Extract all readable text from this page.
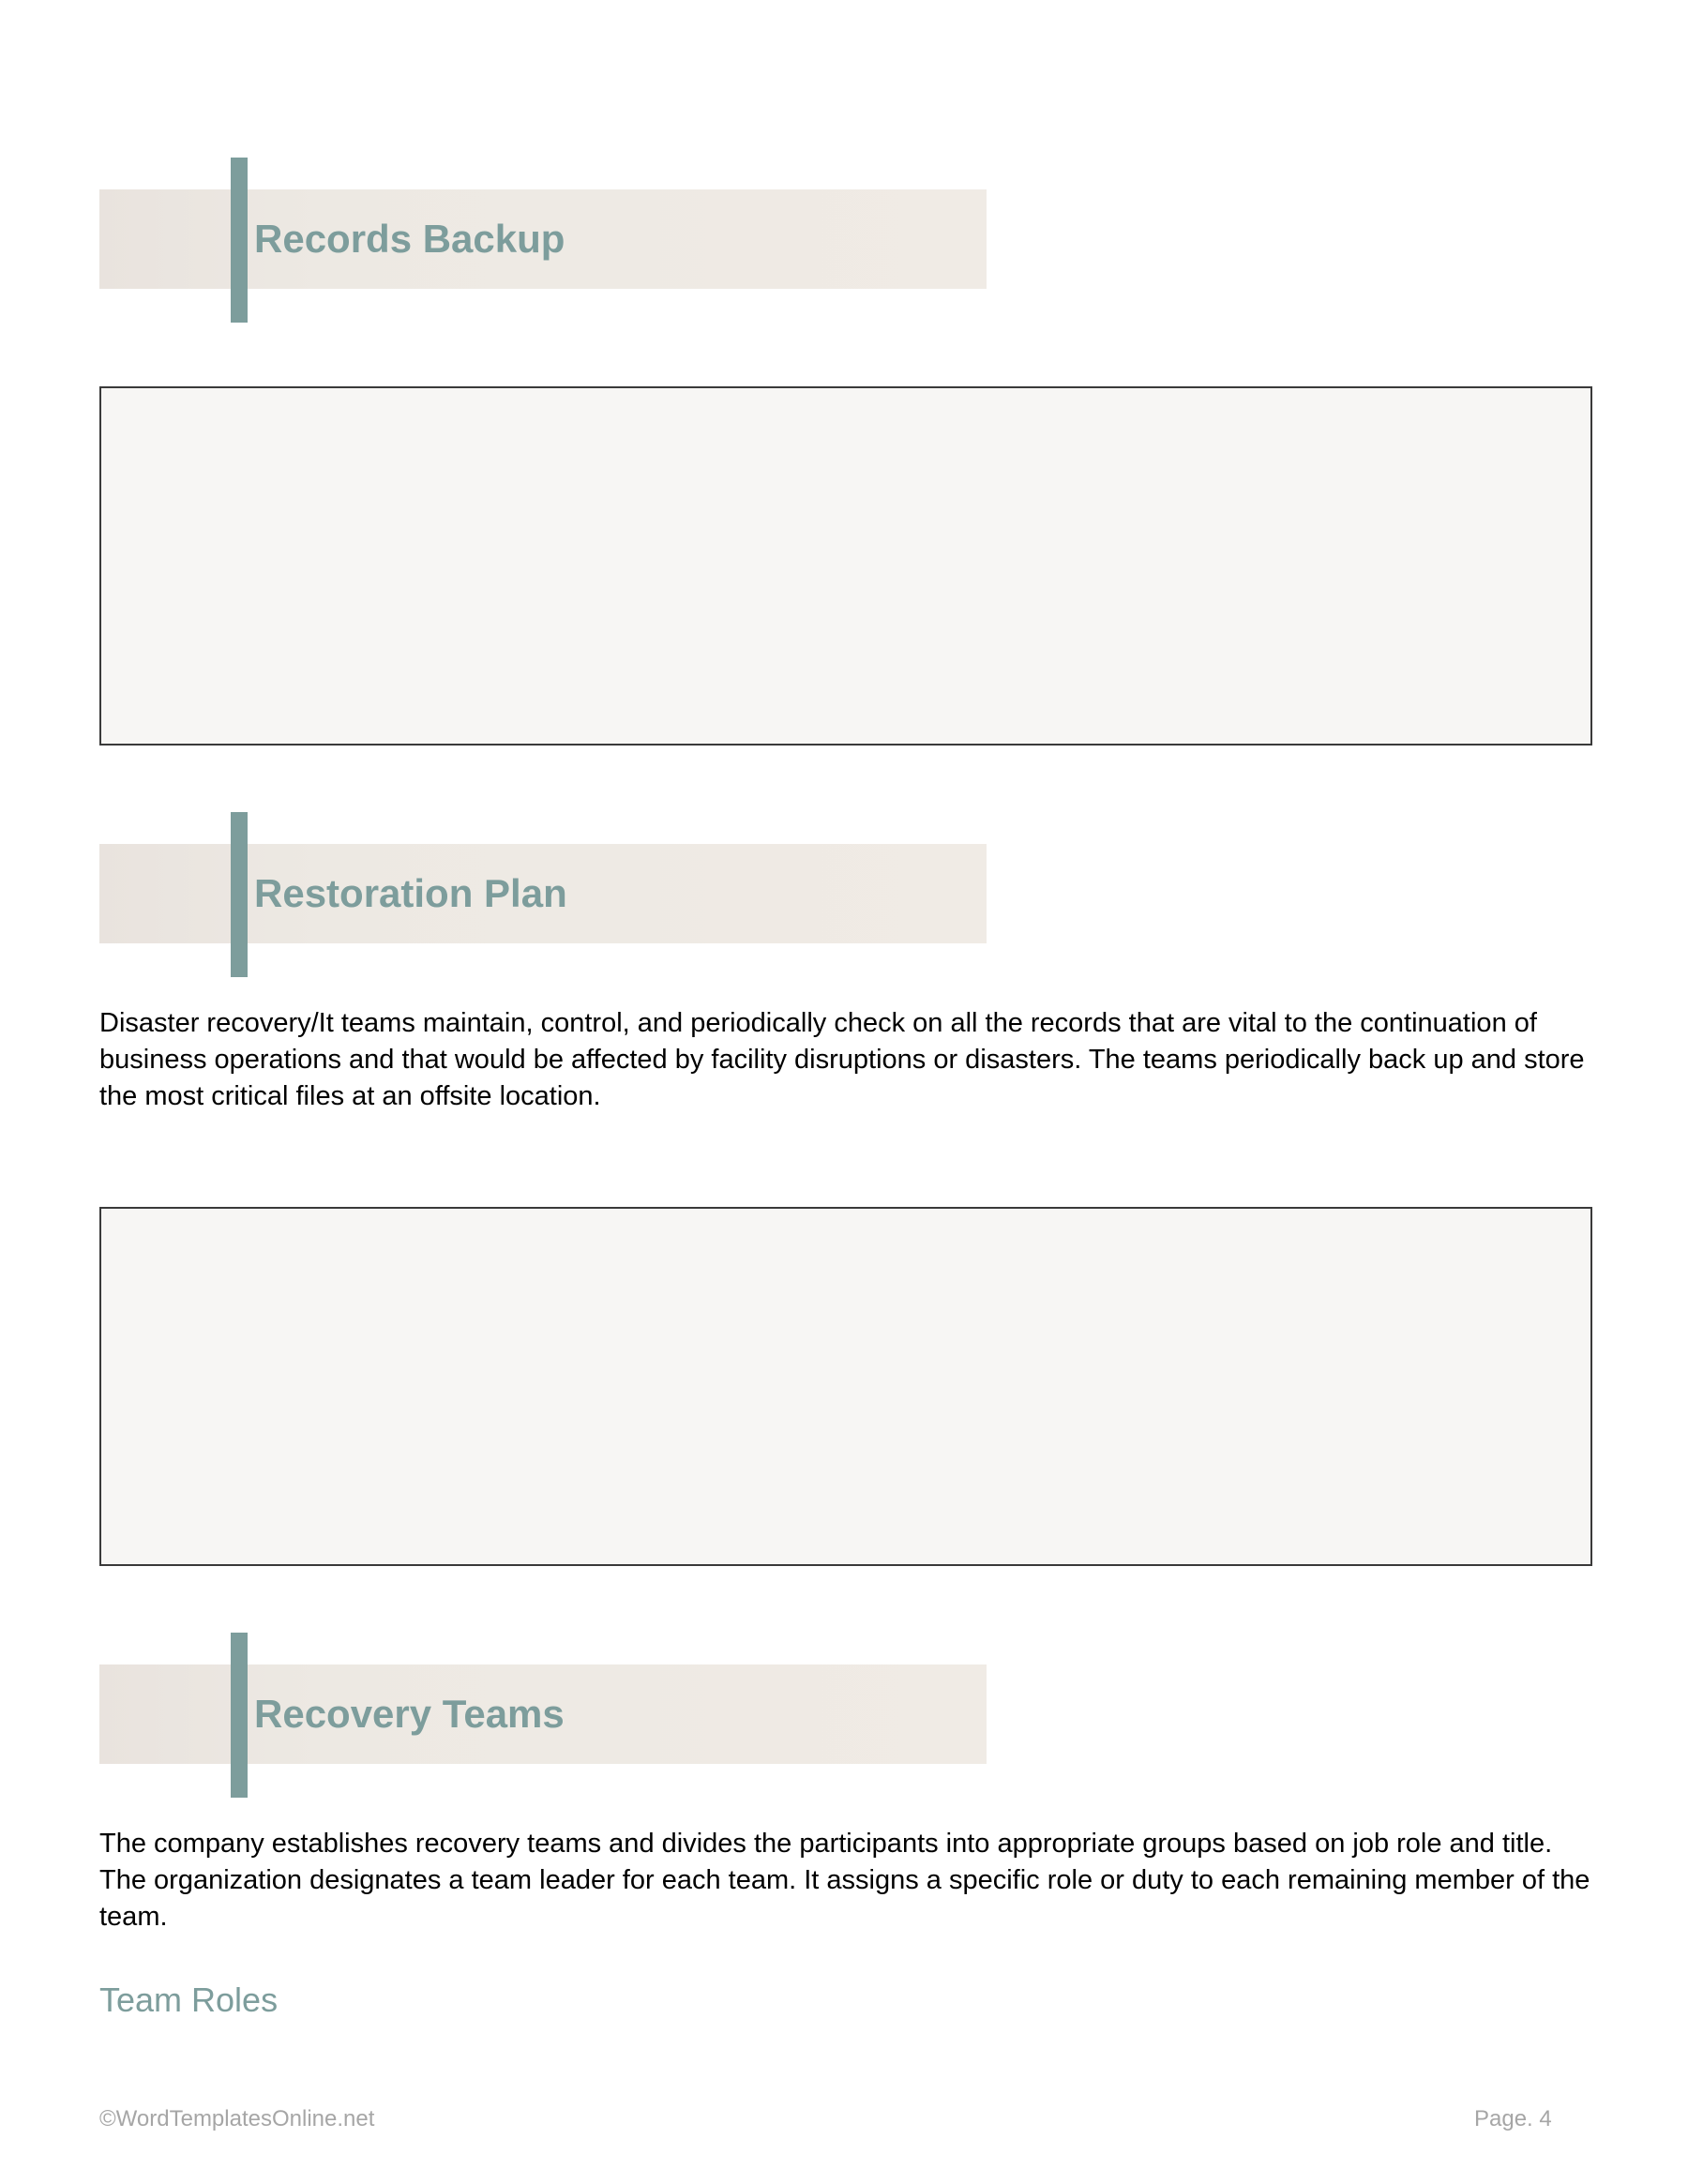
Records Backup
Restoration Plan

Disaster recovery/It teams maintain, control, and periodically check on all the records that are vital to the continuation of business operations and that would be affected by facility disruptions or disasters. The teams periodically back up and store the most critical files at an offsite location.

Recovery Teams

The company establishes recovery teams and divides the participants into appropriate groups based on job role and title. The organization designates a team leader for each team. It assigns a specific role or duty to each remaining member of the team.

Team Roles

©WordTemplatesOnline.net	Page. 4
